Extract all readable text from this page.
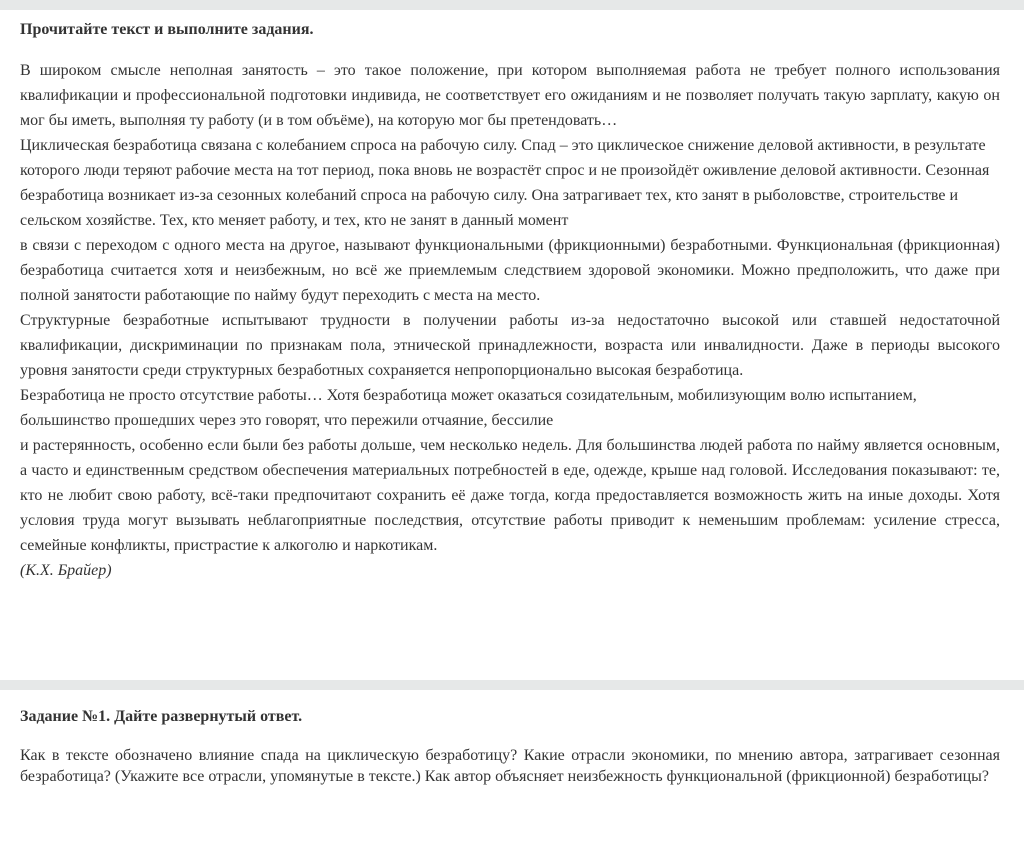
Прочитайте текст и выполните задания.

В широком смысле неполная занятость – это такое положение, при котором выполняемая работа не требует полного использования квалификации и профессиональной подготовки индивида, не соответствует его ожиданиям и не позволяет получать такую зарплату, какую он мог бы иметь, выполняя ту работу (и в том объёме), на которую мог бы претендовать…

Циклическая безработица связана с колебанием спроса на рабочую силу. Спад – это циклическое снижение деловой активности, в результате которого люди теряют рабочие места на тот период, пока вновь не возрастёт спрос и не произойдёт оживление деловой активности. Сезонная безработица возникает из-за сезонных колебаний спроса на рабочую силу. Она затрагивает тех, кто занят в рыболовстве, строительстве и сельском хозяйстве. Тех, кто меняет работу, и тех, кто не занят в данный момент

в связи с переходом с одного места на другое, называют функциональными (фрикционными) безработными. Функциональная (фрикционная) безработица считается хотя и неизбежным, но всё же приемлемым следствием здоровой экономики. Можно предположить, что даже при полной занятости работающие по найму будут переходить с места на место.

Структурные безработные испытывают трудности в получении работы из-за недостаточно высокой или ставшей недостаточной квалификации, дискриминации по признакам пола, этнической принадлежности, возраста или инвалидности. Даже в периоды высокого уровня занятости среди структурных безработных сохраняется непропорционально высокая безработица.

Безработица не просто отсутствие работы… Хотя безработица может оказаться созидательным, мобилизующим волю испытанием, большинство прошедших через это говорят, что пережили отчаяние, бессилие

и растерянность, особенно если были без работы дольше, чем несколько недель. Для большинства людей работа по найму является основным, а часто и единственным средством обеспечения материальных потребностей в еде, одежде, крыше над головой. Исследования показывают: те, кто не любит свою работу, всё-таки предпочитают сохранить её даже тогда, когда предоставляется возможность жить на иные доходы. Хотя условия труда могут вызывать неблагоприятные последствия, отсутствие работы приводит к неменьшим проблемам: усиление стресса, семейные конфликты, пристрастие к алкоголю и наркотикам.

(К.Х. Брайер)
Задание №1. Дайте развернутый ответ.

Как в тексте обозначено влияние спада на циклическую безработицу? Какие отрасли экономики, по мнению автора, затрагивает сезонная безработица? (Укажите все отрасли, упомянутые в тексте.) Как автор объясняет неизбежность функциональной (фрикционной) безработицы?
